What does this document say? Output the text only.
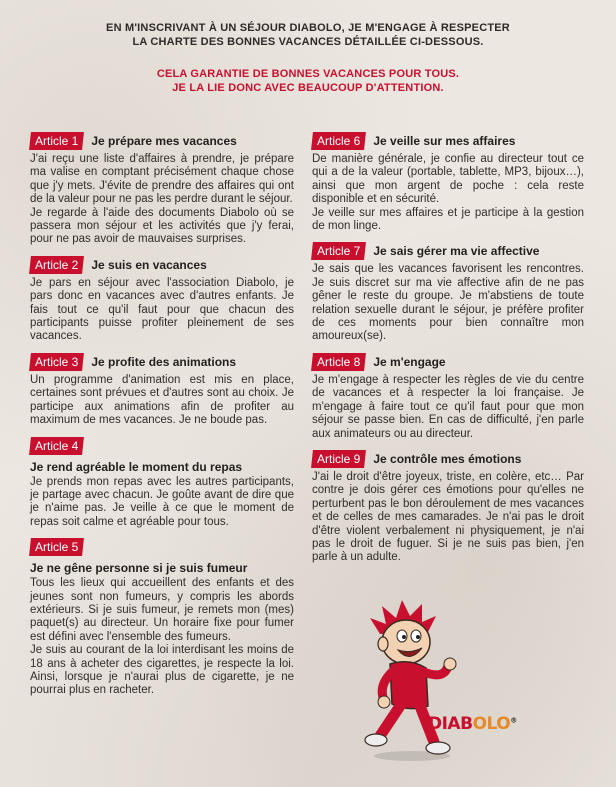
EN M'INSCRIVANT À UN SÉJOUR DIABOLO, JE M'ENGAGE À RESPECTER
LA CHARTE DES BONNES VACANCES DÉTAILLÉE CI-DESSOUS.
CELA GARANTIE DE BONNES VACANCES POUR TOUS.
JE LA LIE DONC AVEC BEAUCOUP D'ATTENTION.
Article 1	Je prépare mes vacances

J'ai reçu une liste d'affaires à prendre, je prépare ma valise en comptant précisément chaque chose que j'y mets. J'évite de prendre des affaires qui ont de la valeur pour ne pas les perdre durant le séjour.

Je regarde à l'aide des documents Diabolo où se passera mon séjour et les activités que j'y ferai, pour ne pas avoir de mauvaises surprises.

Article 2	Je suis en vacances

Je pars en séjour avec l'association Diabolo, je pars donc en vacances avec d'autres enfants. Je fais tout ce qu'il faut pour que chacun des participants puisse profiter pleinement de ses vacances.

Article 3	Je profite des animations

Un programme d'animation est mis en place, certaines sont prévues et d'autres sont au choix. Je participe aux animations afin de profiter au maximum de mes vacances. Je ne boude pas.

Article 4
Je rend agréable le moment du repas

Je prends mon repas avec les autres participants, je partage avec chacun. Je goûte avant de dire que je n'aime pas. Je veille à ce que le moment de repas soit calme et agréable pour tous.

Article 5
Je ne gêne personne si je suis fumeur

Tous les lieux qui accueillent des enfants et des jeunes sont non fumeurs, y compris les abords extérieurs. Si je suis fumeur, je remets mon (mes) paquet(s) au directeur. Un horaire fixe pour fumer est défini avec l'ensemble des fumeurs.

Je suis au courant de la loi interdisant les moins de 18 ans à acheter des cigarettes, je respecte la loi. Ainsi, lorsque je n'aurai plus de cigarette, je ne pourrai plus en racheter.

Article 6	Je veille sur mes affaires

De manière générale, je confie au directeur tout ce qui a de la valeur (portable, tablette, MP3, bijoux…), ainsi que mon argent de poche : cela reste disponible et en sécurité.

Je veille sur mes affaires et je participe à la gestion de mon linge.

Article 7	Je sais gérer ma vie affective

Je sais que les vacances favorisent les rencontres. Je suis discret sur ma vie affective afin de ne pas gêner le reste du groupe. Je m'abstiens de toute relation sexuelle durant le séjour, je préfère profiter de ces moments pour bien connaître mon amoureux(se).

Article 8	Je m'engage

Je m'engage à respecter les règles de vie du centre de vacances et à respecter la loi française. Je m'engage à faire tout ce qu'il faut pour que mon séjour se passe bien. En cas de difficulté, j'en parle aux animateurs ou au directeur.

Article 9	Je contrôle mes émotions

J'ai le droit d'être joyeux, triste, en colère, etc… Par contre je dois gérer ces émotions pour qu'elles ne perturbent pas le bon déroulement de mes vacances et de celles de mes camarades. Je n'ai pas le droit d'être violent verbalement ni physiquement, je n'ai pas le droit de fuguer. Si je ne suis pas bien, j'en parle à un adulte.

DIABOLO®
